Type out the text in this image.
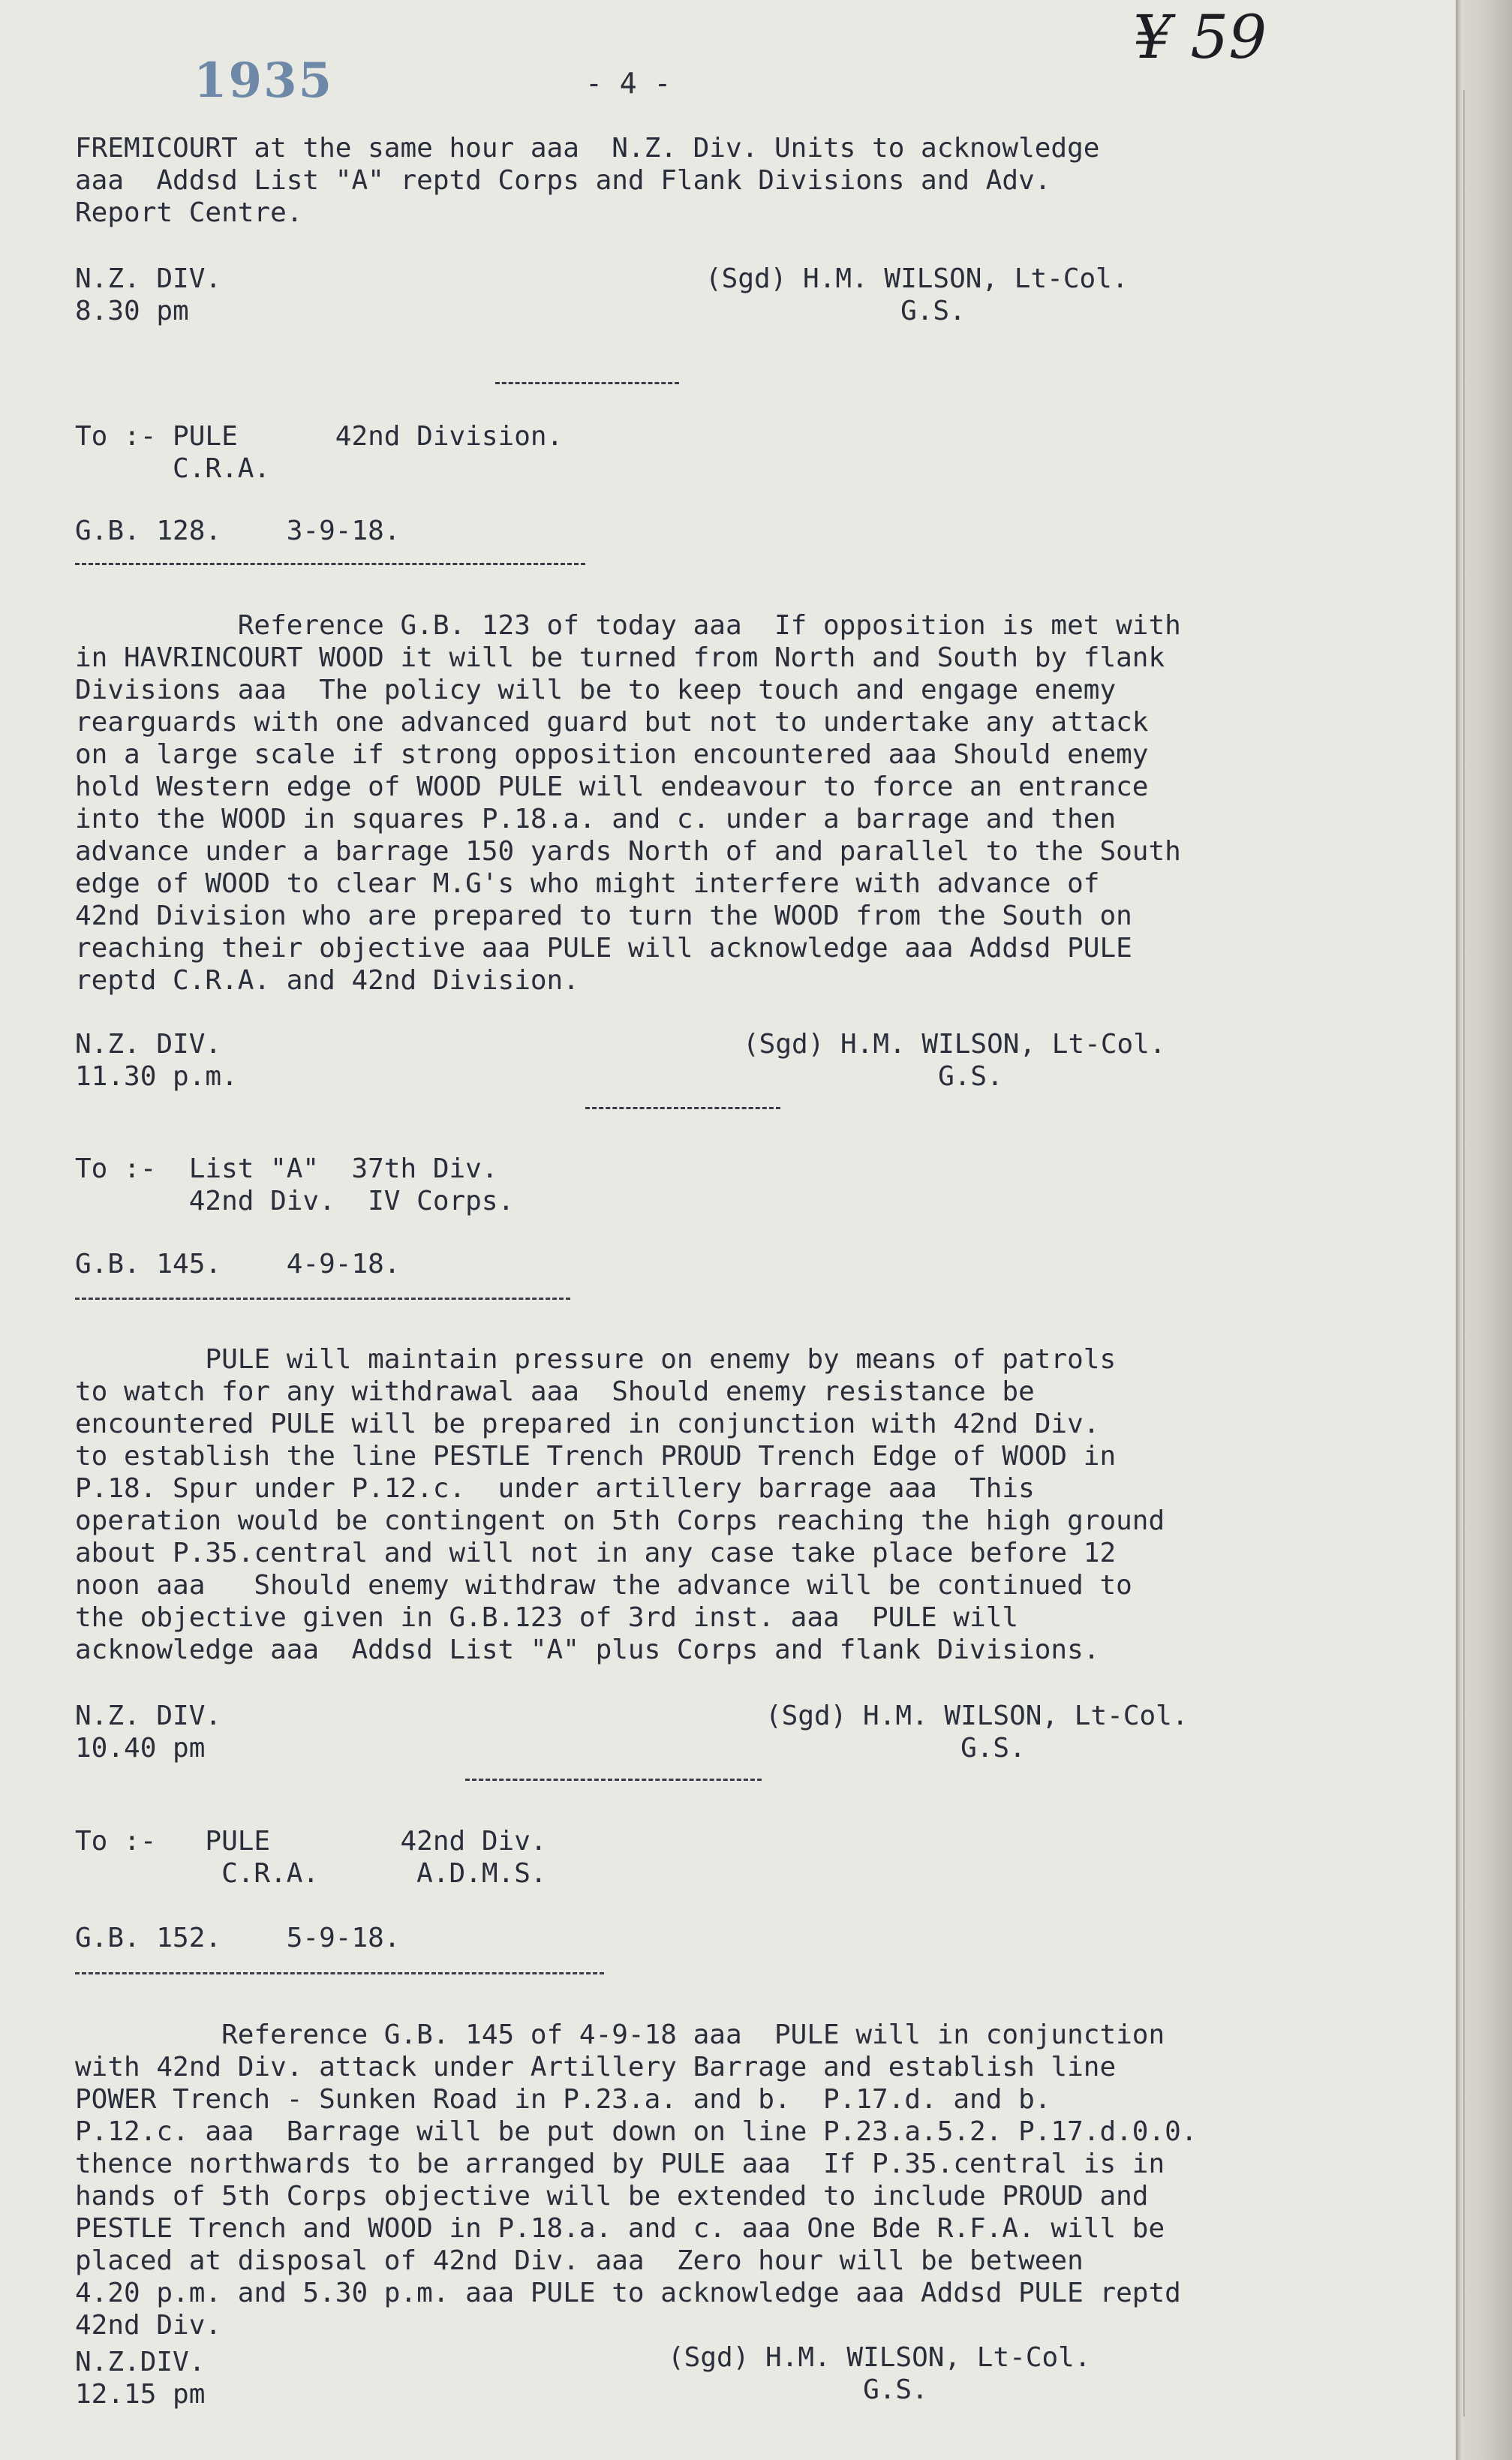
1935	- 4 -
¥ 59
FREMICOURT at the same hour aaa  N.Z. Div. Units to acknowledge
aaa  Addsd List "A" reptd Corps and Flank Divisions and Adv.
Report Centre.
N.Z. DIV.
8.30 pm
(Sgd) H.M. WILSON, Lt-Col.
G.S.
To :- PULE      42nd Division.
C.R.A.
G.B. 128.    3-9-18.
Reference G.B. 123 of today aaa  If opposition is met with
in HAVRINCOURT WOOD it will be turned from North and South by flank
Divisions aaa  The policy will be to keep touch and engage enemy
rearguards with one advanced guard but not to undertake any attack
on a large scale if strong opposition encountered aaa Should enemy
hold Western edge of WOOD PULE will endeavour to force an entrance
into the WOOD in squares P.18.a. and c. under a barrage and then
advance under a barrage 150 yards North of and parallel to the South
edge of WOOD to clear M.G's who might interfere with advance of
42nd Division who are prepared to turn the WOOD from the South on
reaching their objective aaa PULE will acknowledge aaa Addsd PULE
reptd C.R.A. and 42nd Division.
N.Z. DIV.
11.30 p.m.
(Sgd) H.M. WILSON, Lt-Col.
G.S.
To :-  List "A"  37th Div.
42nd Div.  IV Corps.
G.B. 145.    4-9-18.
PULE will maintain pressure on enemy by means of patrols
to watch for any withdrawal aaa  Should enemy resistance be
encountered PULE will be prepared in conjunction with 42nd Div.
to establish the line PESTLE Trench PROUD Trench Edge of WOOD in
P.18. Spur under P.12.c.  under artillery barrage aaa  This
operation would be contingent on 5th Corps reaching the high ground
about P.35.central and will not in any case take place before 12
noon aaa   Should enemy withdraw the advance will be continued to
the objective given in G.B.123 of 3rd inst. aaa  PULE will
acknowledge aaa  Addsd List "A" plus Corps and flank Divisions.
N.Z. DIV.
10.40 pm
(Sgd) H.M. WILSON, Lt-Col.
G.S.
To :-   PULE        42nd Div.
C.R.A.      A.D.M.S.
G.B. 152.    5-9-18.
Reference G.B. 145 of 4-9-18 aaa  PULE will in conjunction
with 42nd Div. attack under Artillery Barrage and establish line
POWER Trench - Sunken Road in P.23.a. and b.  P.17.d. and b.
P.12.c. aaa  Barrage will be put down on line P.23.a.5.2. P.17.d.0.0.
thence northwards to be arranged by PULE aaa  If P.35.central is in
hands of 5th Corps objective will be extended to include PROUD and
PESTLE Trench and WOOD in P.18.a. and c. aaa One Bde R.F.A. will be
placed at disposal of 42nd Div. aaa  Zero hour will be between
4.20 p.m. and 5.30 p.m. aaa PULE to acknowledge aaa Addsd PULE reptd
42nd Div.
N.Z.DIV.
12.15 pm
(Sgd) H.M. WILSON, Lt-Col.
G.S.
